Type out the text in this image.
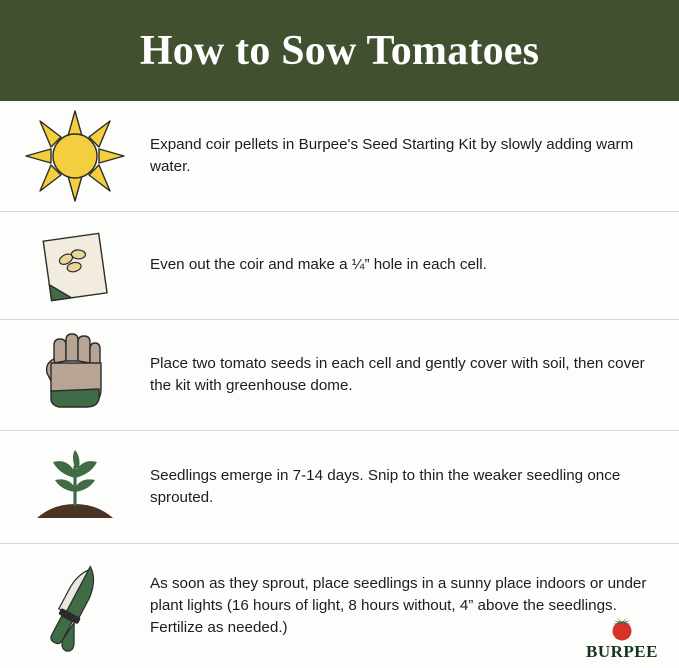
How to Sow Tomatoes

Expand coir pellets in Burpee's Seed Starting Kit by slowly adding warm water.

Even out the coir and make a ¼” hole in each cell.

Place two tomato seeds in each cell and gently cover with soil, then cover the kit with greenhouse dome.

Seedlings emerge in 7-14 days. Snip to thin the weaker seedling once sprouted.

As soon as they sprout, place seedlings in a sunny place indoors or under plant lights (16 hours of light, 8 hours without, 4” above the seedlings. Fertilize as needed.)

BURPEE
